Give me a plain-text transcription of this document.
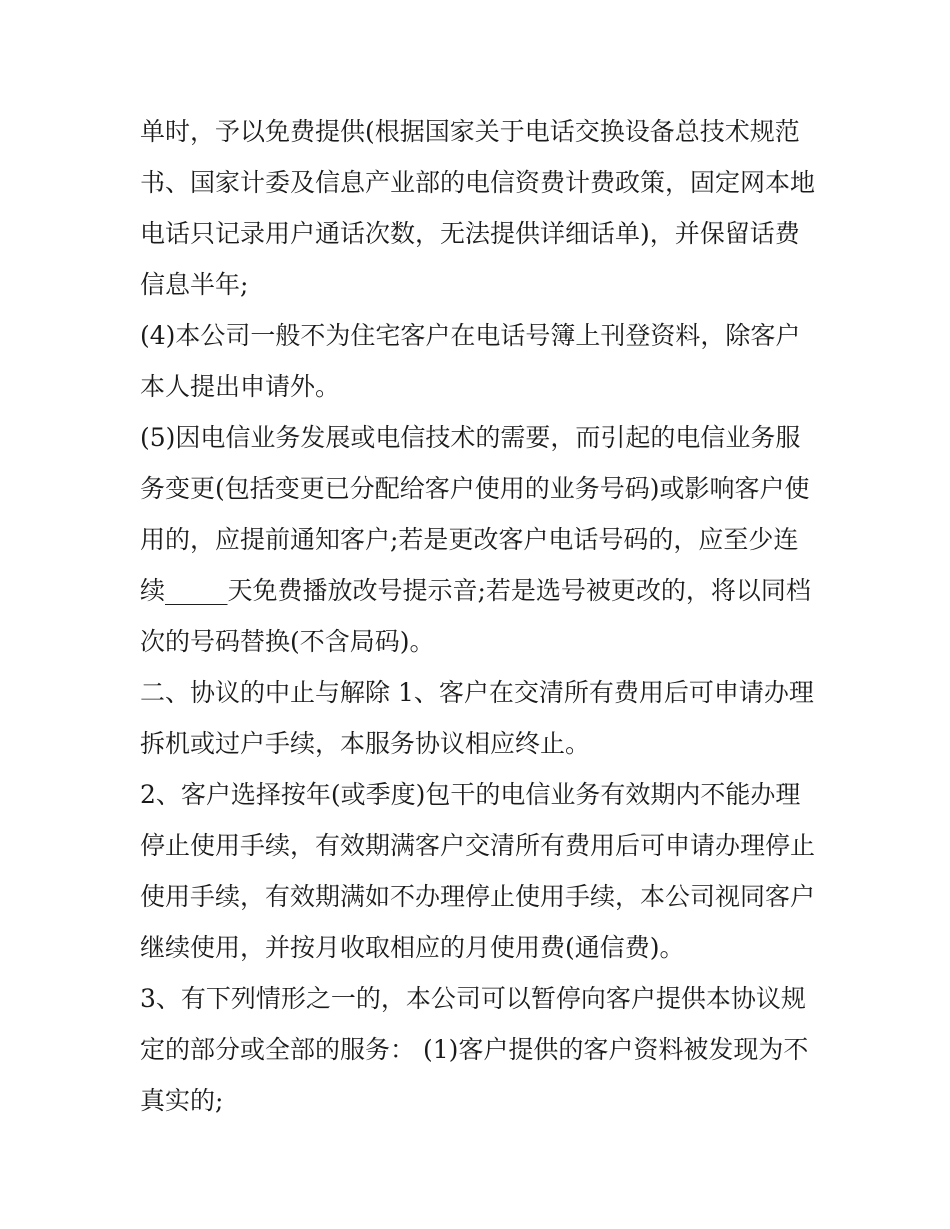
单时，予以免费提供(根据国家关于电话交换设备总技术规范
书、国家计委及信息产业部的电信资费计费政策，固定网本地
电话只记录用户通话次数，无法提供详细话单)，并保留话费
信息半年;
(4)本公司一般不为住宅客户在电话号簿上刊登资料，除客户
本人提出申请外。
(5)因电信业务发展或电信技术的需要，而引起的电信业务服
务变更(包括变更已分配给客户使用的业务号码)或影响客户使
用的，应提前通知客户;若是更改客户电话号码的，应至少连
续_____天免费播放改号提示音;若是选号被更改的，将以同档
次的号码替换(不含局码)。
二、协议的中止与解除 1、客户在交清所有费用后可申请办理
拆机或过户手续，本服务协议相应终止。
2、客户选择按年(或季度)包干的电信业务有效期内不能办理
停止使用手续，有效期满客户交清所有费用后可申请办理停止
使用手续，有效期满如不办理停止使用手续，本公司视同客户
继续使用，并按月收取相应的月使用费(通信费)。
3、有下列情形之一的，本公司可以暂停向客户提供本协议规
定的部分或全部的服务： (1)客户提供的客户资料被发现为不
真实的;
